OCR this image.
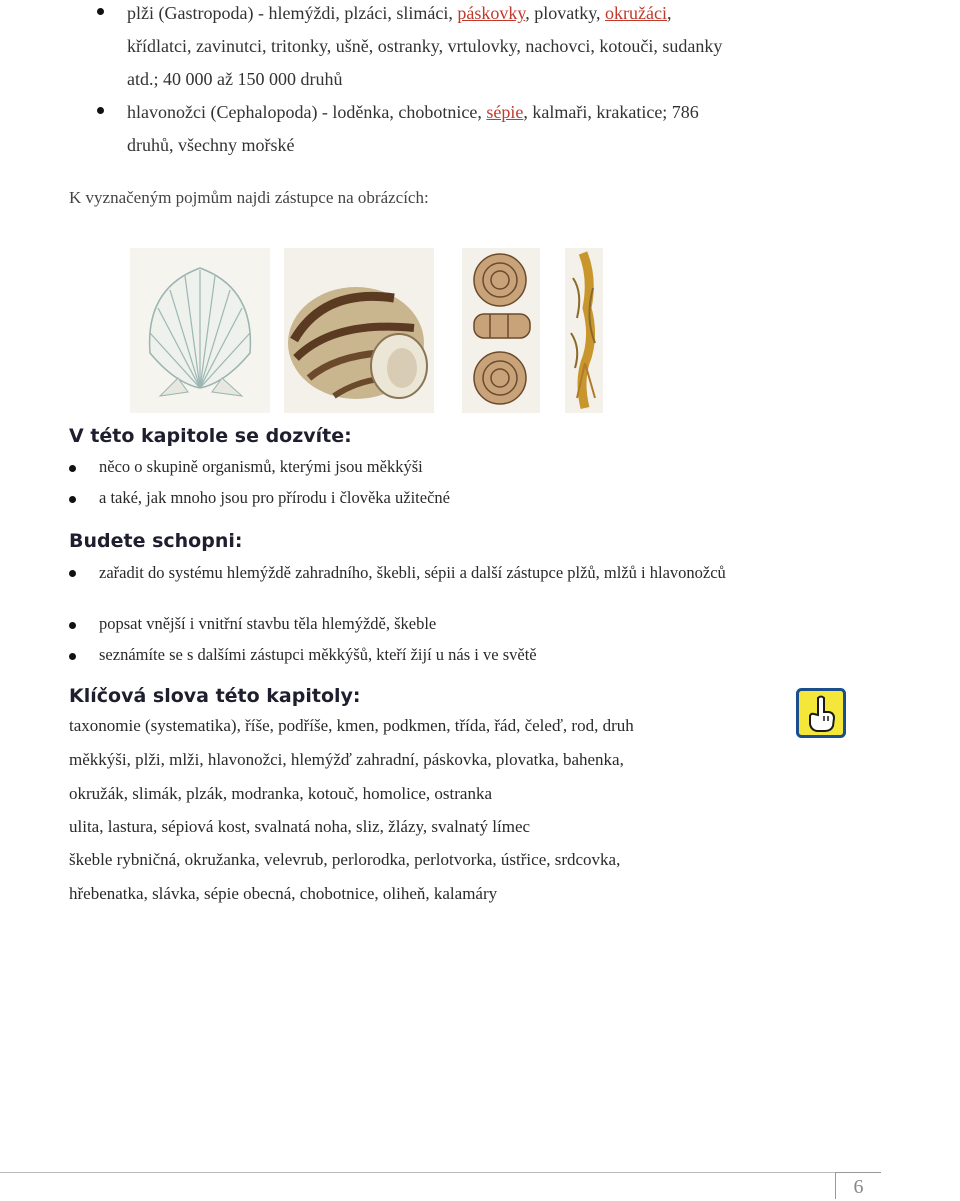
plži (Gastropoda) - hlemýždi, plzáci, slimáci, páskovky, plovatky, okružáci,
křídlatci, zavinutci, tritonky, ušně, ostranky, vrtulovky, nachovci, kotouči, sudanky
atd.; 40 000 až 150 000 druhů
hlavonožci (Cephalopoda) - loděnka, chobotnice, sépie, kalmaři, krakatice; 786
druhů, všechny mořské
K vyznačeným pojmům najdi zástupce na obrázcích:
V této kapitole se dozvíte:
něco o skupině organismů, kterými jsou měkkýši
a také, jak mnoho jsou pro přírodu i člověka užitečné
Budete schopni:
zařadit do systému hlemýždě zahradního, škebli, sépii a další zástupce plžů, mlžů i hlavonožců
popsat vnější i vnitřní stavbu těla hlemýždě, škeble
seznámíte se s dalšími zástupci měkkýšů, kteří žijí u nás i ve světě
Klíčová slova této kapitoly:
taxonomie (systematika), říše, podříše, kmen, podkmen, třída, řád, čeleď, rod, druh
měkkýši, plži, mlži, hlavonožci, hlemýžď zahradní, páskovka, plovatka, bahenka,
okružák, slimák, plzák, modranka, kotouč, homolice, ostranka
ulita, lastura, sépiová kost, svalnatá noha, sliz, žlázy, svalnatý límec
škeble rybničná, okružanka, velevrub, perlorodka, perlotvorka, ústřice, srdcovka,
hřebenatka, slávka, sépie obecná, chobotnice, oliheň, kalamáry
6
